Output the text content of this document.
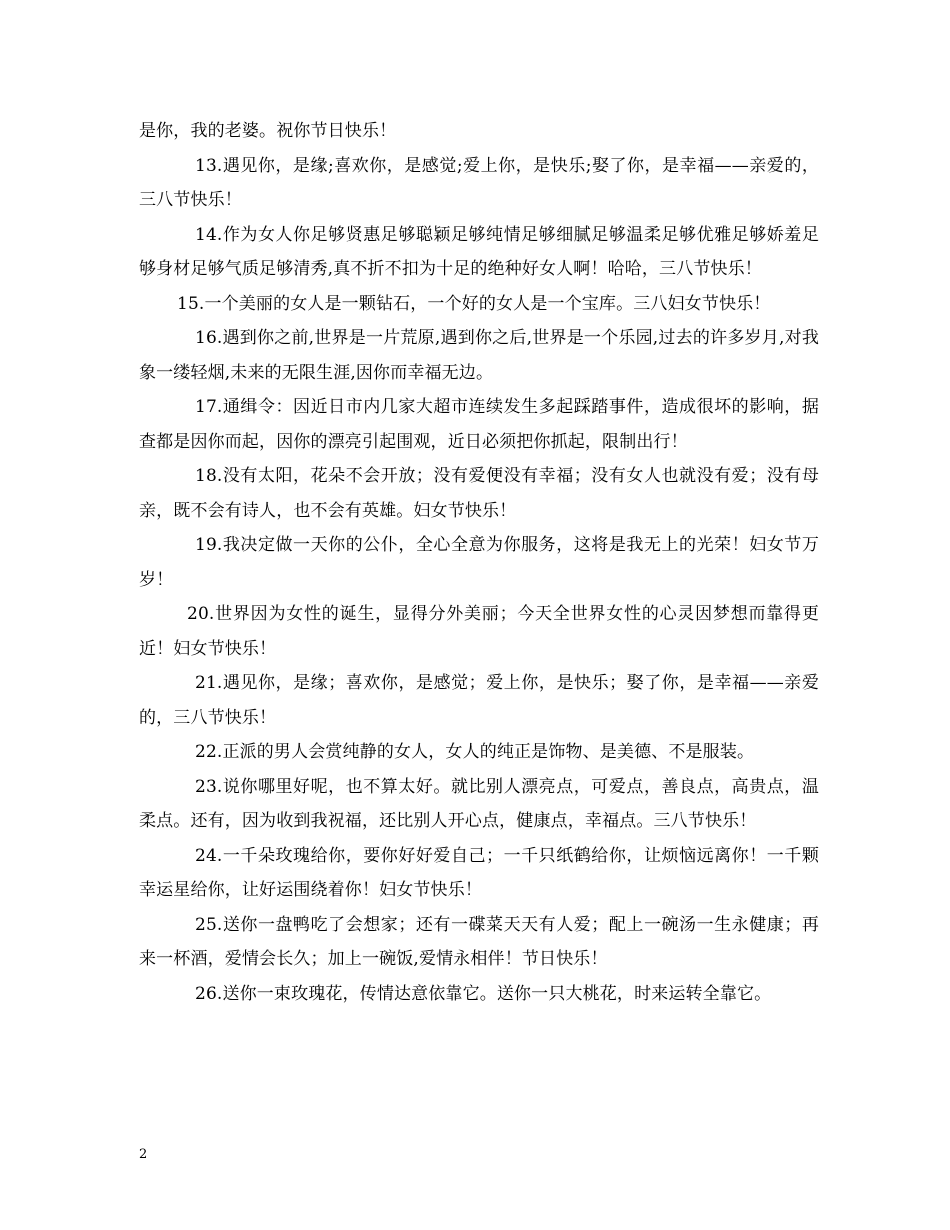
是你，我的老婆。祝你节日快乐！

13.遇见你，是缘;喜欢你，是感觉;爱上你，是快乐;娶了你，是幸福——亲爱的，三八节快乐！

14.作为女人你足够贤惠足够聪颖足够纯情足够细腻足够温柔足够优雅足够娇羞足够身材足够气质足够清秀,真不折不扣为十足的绝种好女人啊！哈哈，三八节快乐！

15.一个美丽的女人是一颗钻石，一个好的女人是一个宝库。三八妇女节快乐！

16.遇到你之前,世界是一片荒原,遇到你之后,世界是一个乐园,过去的许多岁月,对我象一缕轻烟,未来的无限生涯,因你而幸福无边。

17.通缉令：因近日市内几家大超市连续发生多起踩踏事件，造成很坏的影响，据查都是因你而起，因你的漂亮引起围观，近日必须把你抓起，限制出行！

18.没有太阳，花朵不会开放；没有爱便没有幸福；没有女人也就没有爱；没有母亲，既不会有诗人，也不会有英雄。妇女节快乐！

19.我决定做一天你的公仆，全心全意为你服务，这将是我无上的光荣！妇女节万岁！

20.世界因为女性的诞生，显得分外美丽；今天全世界女性的心灵因梦想而靠得更近！妇女节快乐！

21.遇见你，是缘；喜欢你，是感觉；爱上你，是快乐；娶了你，是幸福——亲爱的，三八节快乐！

22.正派的男人会赏纯静的女人，女人的纯正是饰物、是美德、不是服装。

23.说你哪里好呢，也不算太好。就比别人漂亮点，可爱点，善良点，高贵点，温柔点。还有，因为收到我祝福，还比别人开心点，健康点，幸福点。三八节快乐！

24.一千朵玫瑰给你，要你好好爱自己；一千只纸鹤给你，让烦恼远离你！一千颗幸运星给你，让好运围绕着你！妇女节快乐！

25.送你一盘鸭吃了会想家；还有一碟菜天天有人爱；配上一碗汤一生永健康；再来一杯酒，爱情会长久；加上一碗饭,爱情永相伴！节日快乐！

26.送你一束玫瑰花，传情达意依靠它。送你一只大桃花，时来运转全靠它。

2
